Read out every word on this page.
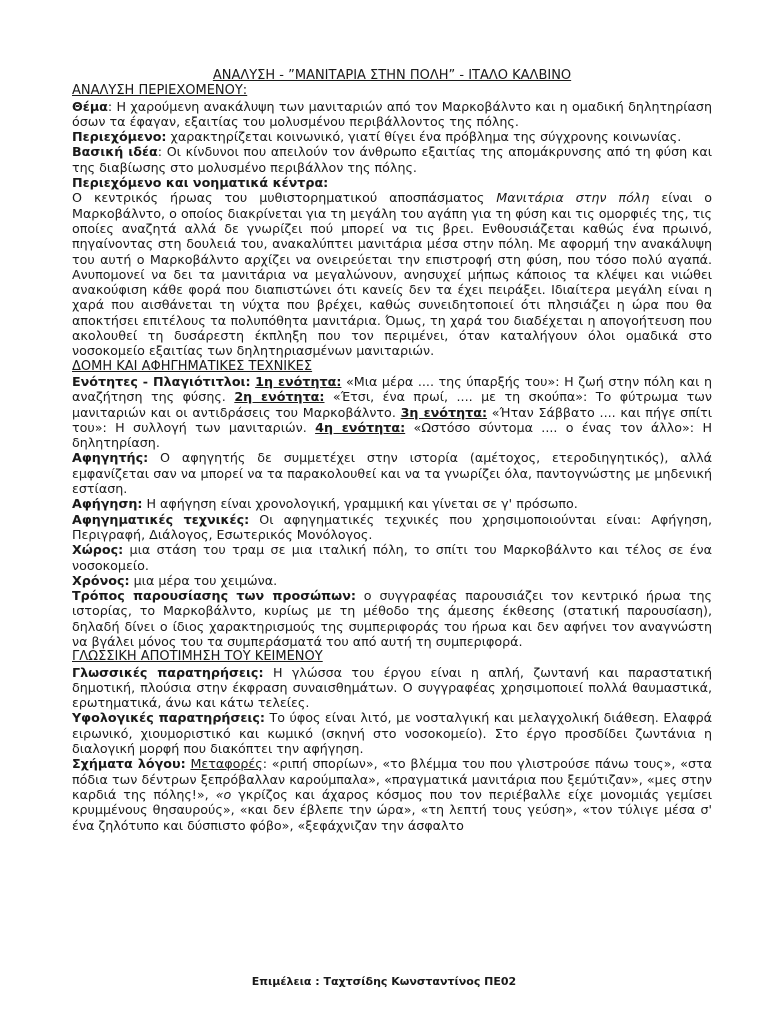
ΑΝΑΛΥΣΗ - ”ΜΑΝΙΤΑΡΙΑ ΣΤΗΝ ΠΟΛΗ” - ΙΤΑΛΟ ΚΑΛΒΙΝΟ

ΑΝΑΛΥΣΗ ΠΕΡΙΕΧΟΜΕΝΟΥ:

Θέμα: Η χαρούμενη ανακάλυψη των μανιταριών από τον Μαρκοβάλντο και η ομαδική δηλητηρίαση όσων τα έφαγαν, εξαιτίας του μολυσμένου περιβάλλοντος της πόλης.

Περιεχόμενο: χαρακτηρίζεται κοινωνικό, γιατί θίγει ένα πρόβλημα της σύγχρονης κοινωνίας.

Βασική ιδέα: Οι κίνδυνοι που απειλούν τον άνθρωπο εξαιτίας της απομάκρυνσης από τη φύση και της διαβίωσης στο μολυσμένο περιβάλλον της πόλης.

Περιεχόμενο και νοηματικά κέντρα:

Ο κεντρικός ήρωας του μυθιστορηματικού αποσπάσματος Μανιτάρια στην πόλη είναι ο Μαρκοβάλντο, ο οποίος διακρίνεται για τη μεγάλη του αγάπη για τη φύση και τις ομορφιές της, τις οποίες αναζητά αλλά δε γνωρίζει πού μπορεί να τις βρει. Ενθουσιάζεται καθώς ένα πρωινό, πηγαίνοντας στη δουλειά του, ανακαλύπτει μανιτάρια μέσα στην πόλη. Με αφορμή την ανακάλυψη του αυτή ο Μαρκοβάλντο αρχίζει να ονειρεύεται την επιστροφή στη φύση, που τόσο πολύ αγαπά. Ανυπομονεί να δει τα μανιτάρια να μεγαλώνουν, ανησυχεί μήπως κάποιος τα κλέψει και νιώθει ανακούφιση κάθε φορά που διαπιστώνει ότι κανείς δεν τα έχει πειράξει. Ιδιαίτερα μεγάλη είναι η χαρά που αισθάνεται τη νύχτα που βρέχει, καθώς συνειδητοποιεί ότι πλησιάζει η ώρα που θα αποκτήσει επιτέλους τα πολυπόθητα μανιτάρια. Όμως, τη χαρά του διαδέχεται η απογοήτευση που ακολουθεί τη δυσάρεστη έκπληξη που τον περιμένει, όταν καταλήγουν όλοι ομαδικά στο νοσοκομείο εξαιτίας των δηλητηριασμένων μανιταριών.

ΔΟΜΗ ΚΑΙ ΑΦΗΓΗΜΑΤΙΚΕΣ ΤΕΧΝΙΚΕΣ

Ενότητες - Πλαγιότιτλοι: 1η ενότητα: «Μια μέρα .... της ύπαρξής του»: Η ζωή στην πόλη και η αναζήτηση της φύσης. 2η ενότητα: «Έτσι, ένα πρωί, .... με τη σκούπα»: Το φύτρωμα των μανιταριών και οι αντιδράσεις του Μαρκοβάλντο. 3η ενότητα: «Ήταν Σάββατο .... και πήγε σπίτι του»: Η συλλογή των μανιταριών. 4η ενότητα: «Ωστόσο σύντομα .... ο ένας τον άλλο»: Η δηλητηρίαση.

Αφηγητής: Ο αφηγητής δε συμμετέχει στην ιστορία (αμέτοχος, ετεροδιηγητικός), αλλά εμφανίζεται σαν να μπορεί να τα παρακολουθεί και να τα γνωρίζει όλα, παντογνώστης με μηδενική εστίαση.

Αφήγηση: Η αφήγηση είναι χρονολογική, γραμμική και γίνεται σε γ' πρόσωπο.

Αφηγηματικές τεχνικές: Οι αφηγηματικές τεχνικές που χρησιμοποιούνται είναι: Αφήγηση, Περιγραφή, Διάλογος, Εσωτερικός Μονόλογος.

Χώρος: μια στάση του τραμ σε μια ιταλική πόλη, το σπίτι του Μαρκοβάλντο και τέλος σε ένα νοσοκομείο.

Χρόνος: μια μέρα του χειμώνα.

Τρόπος παρουσίασης των προσώπων: ο συγγραφέας παρουσιάζει τον κεντρικό ήρωα της ιστορίας, το Μαρκοβάλντο, κυρίως με τη μέθοδο της άμεσης έκθεσης (στατική παρουσίαση), δηλαδή δίνει ο ίδιος χαρακτηρισμούς της συμπεριφοράς του ήρωα και δεν αφήνει τον αναγνώστη να βγάλει μόνος του τα συμπεράσματά του από αυτή τη συμπεριφορά.

ΓΛΩΣΣΙΚΗ ΑΠΟΤΙΜΗΣΗ ΤΟΥ ΚΕΙΜΕΝΟΥ

Γλωσσικές παρατηρήσεις: Η γλώσσα του έργου είναι η απλή, ζωντανή και παραστατική δημοτική, πλούσια στην έκφραση συναισθημάτων. Ο συγγραφέας χρησιμοποιεί πολλά θαυμαστικά, ερωτηματικά, άνω και κάτω τελείες.

Υφολογικές παρατηρήσεις: Το ύφος είναι λιτό, με νοσταλγική και μελαγχολική διάθεση. Ελαφρά ειρωνικό, χιουμοριστικό και κωμικό (σκηνή στο νοσοκομείο). Στο έργο προσδίδει ζωντάνια η διαλογική μορφή που διακόπτει την αφήγηση.

Σχήματα λόγου: Μεταφορές: «ριπή σπορίων», «το βλέμμα του που γλιστρούσε πάνω τους», «στα πόδια των δέντρων ξεπρόβαλλαν καρούμπαλα», «πραγματικά μανιτάρια που ξεμύτιζαν», «μες στην καρδιά της πόλης!», «ο γκρίζος και άχαρος κόσμος που τον περιέβαλλε είχε μονομιάς γεμίσει κρυμμένους θησαυρούς», «και δεν έβλεπε την ώρα», «τη λεπτή τους γεύση», «τον τύλιγε μέσα σ' ένα ζηλότυπο και δύσπιστο φόβο», «ξεφάχνιζαν την άσφαλτο

Επιμέλεια : Ταχτσίδης Κωνσταντίνος ΠΕ02
